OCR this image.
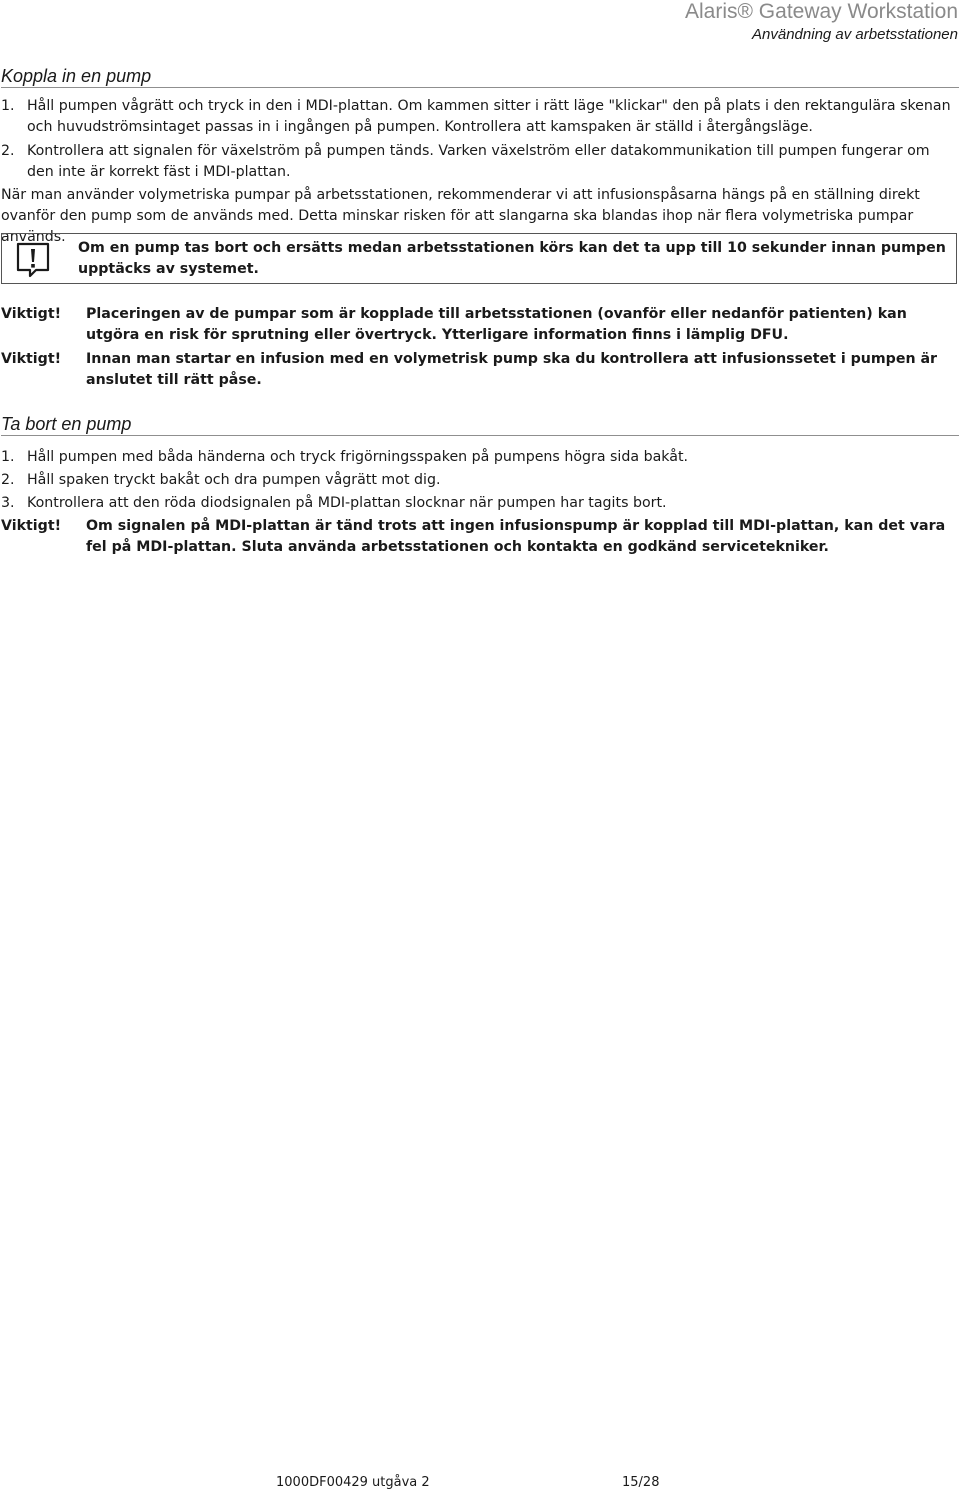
Alaris® Gateway Workstation
Användning av arbetsstationen
Koppla in en pump
1. Håll pumpen vågrätt och tryck in den i MDI-plattan. Om kammen sitter i rätt läge "klickar" den på plats i den rektangulära skenan och huvudströmsintaget passas in i ingången på pumpen. Kontrollera att kamspaken är ställd i återgångsläge.
2. Kontrollera att signalen för växelström på pumpen tänds. Varken växelström eller datakommunikation till pumpen fungerar om den inte är korrekt fäst i MDI-plattan.
När man använder volymetriska pumpar på arbetsstationen, rekommenderar vi att infusionspåsarna hängs på en ställning direkt ovanför den pump som de används med. Detta minskar risken för att slangarna ska blandas ihop när flera volymetriska pumpar används.
Om en pump tas bort och ersätts medan arbetsstationen körs kan det ta upp till 10 sekunder innan pumpen upptäcks av systemet.
Viktigt! Placeringen av de pumpar som är kopplade till arbetsstationen (ovanför eller nedanför patienten) kan utgöra en risk för sprutning eller övertryck. Ytterligare information finns i lämplig DFU.
Viktigt! Innan man startar en infusion med en volymetrisk pump ska du kontrollera att infusionssetet i pumpen är anslutet till rätt påse.
Ta bort en pump
1. Håll pumpen med båda händerna och tryck frigörningsspaken på pumpens högra sida bakåt.
2. Håll spaken tryckt bakåt och dra pumpen vågrätt mot dig.
3. Kontrollera att den röda diodsignalen på MDI-plattan slocknar när pumpen har tagits bort.
Viktigt! Om signalen på MDI-plattan är tänd trots att ingen infusionspump är kopplad till MDI-plattan, kan det vara fel på MDI-plattan. Sluta använda arbetsstationen och kontakta en godkänd servicetekniker.
1000DF00429 utgåva 2	15/28
